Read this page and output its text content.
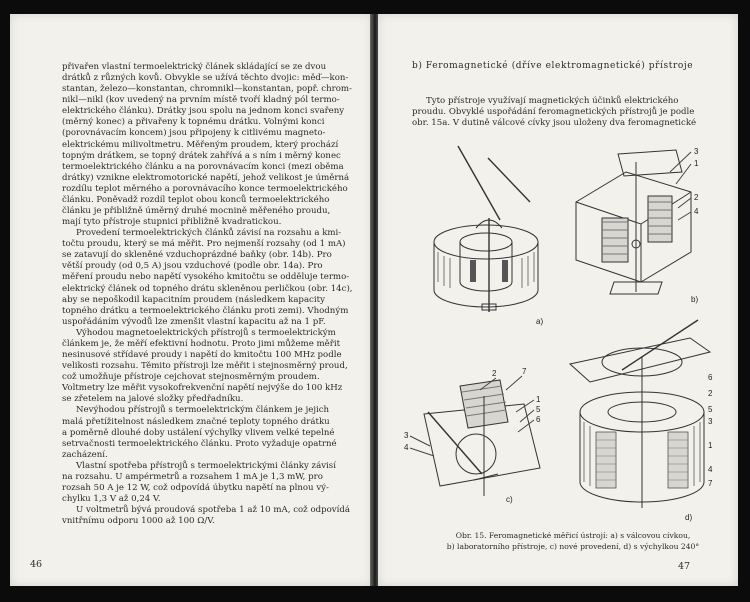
přivařen vlastní termoelektrický článek skládající se ze dvou
drátků z různých kovů. Obvykle se užívá těchto dvojic: měď—kon-
stantan, železo—konstantan, chromnikl—konstantan, popř. chrom-
nikl—nikl (kov uvedený na prvním místě tvoří kladný pól termo-
elektrického článku). Drátky jsou spolu na jednom konci svařeny
(měrný konec) a přivařeny k topnému drátku. Volnými konci
(porovnávacím koncem) jsou připojeny k citlivému magneto-
elektrickému milivoltmetru. Měřeným proudem, který prochází
topným drátkem, se topný drátek zahřívá a s ním i měrný konec
termoelektrického článku a na porovnávacím konci (mezi oběma
drátky) vznikne elektromotorické napětí, jehož velikost je úměrná
rozdílu teplot měrného a porovnávacího konce termoelektrického
článku. Poněvadž rozdíl teplot obou konců termoelektrického
článku je přibližně úměrný druhé mocnině měřeného proudu,
mají tyto přístroje stupnici přibližně kvadratickou.
Provedení termoelektrických článků závisí na rozsahu a kmi-
točtu proudu, který se má měřit. Pro nejmenší rozsahy (od 1 mA)
se zatavují do skleněné vzduchoprázdné baňky (obr. 14b). Pro
větší proudy (od 0,5 A) jsou vzduchové (podle obr. 14a). Pro
měření proudu nebo napětí vysokého kmitočtu se odděluje termo-
elektrický článek od topného drátu skleněnou perličkou (obr. 14c),
aby se nepoškodil kapacitním proudem (následkem kapacity
topného drátku a termoelektrického článku proti zemi). Vhodným
uspořádáním vývodů lze zmenšit vlastní kapacitu až na 1 pF.
Výhodou magnetoelektrických přístrojů s termoelektrickým
článkem je, že měří efektivní hodnotu. Proto jimi můžeme měřit
nesinusové střídavé proudy i napětí do kmitočtu 100 MHz podle
velikosti rozsahu. Těmito přístroji lze měřit i stejnosměrný proud,
což umožňuje přístroje cejchovat stejnosměrným proudem.
Voltmetry lze měřit vysokofrekvenční napětí nejvýše do 100 kHz
se zřetelem na jalové složky předřadníku.
Nevýhodou přístrojů s termoelektrickým článkem je jejich
malá přetížitelnost následkem značné teploty topného drátku
a poměrně dlouhé doby ustálení výchylky vlivem velké tepelné
setrvačnosti termoelektrického článku. Proto vyžaduje opatrné
zacházení.
Vlastní spotřeba přístrojů s termoelektrickými články závisí
na rozsahu. U ampérmetrů a rozsahem 1 mA je 1,3 mW, pro
rozsah 50 A je 12 W, což odpovídá úbytku napětí na plnou vý-
chylku 1,3 V až 0,24 V.
U voltmetrů bývá proudová spotřeba 1 až 10 mA, což odpovídá
vnitřnímu odporu 1000 až 100 Ω/V.
46
b) Feromagnetické (dříve elektromagnetické) přístroje
Tyto přístroje využívají magnetických účinků elektrického
proudu. Obvyklé uspořádání feromagnetických přístrojů je podle
obr. 15a. V dutině válcové cívky jsou uloženy dva feromagnetické
a)
3
1
2
4
b)
2	7
1
5
6
3
4
c)
6
2
5
3
1
4
7
d)
Obr. 15. Feromagnetické měřicí ústrojí: a) s válcovou cívkou,
b) laboratorního přístroje, c) nové provedení, d) s výchylkou 240°
47
